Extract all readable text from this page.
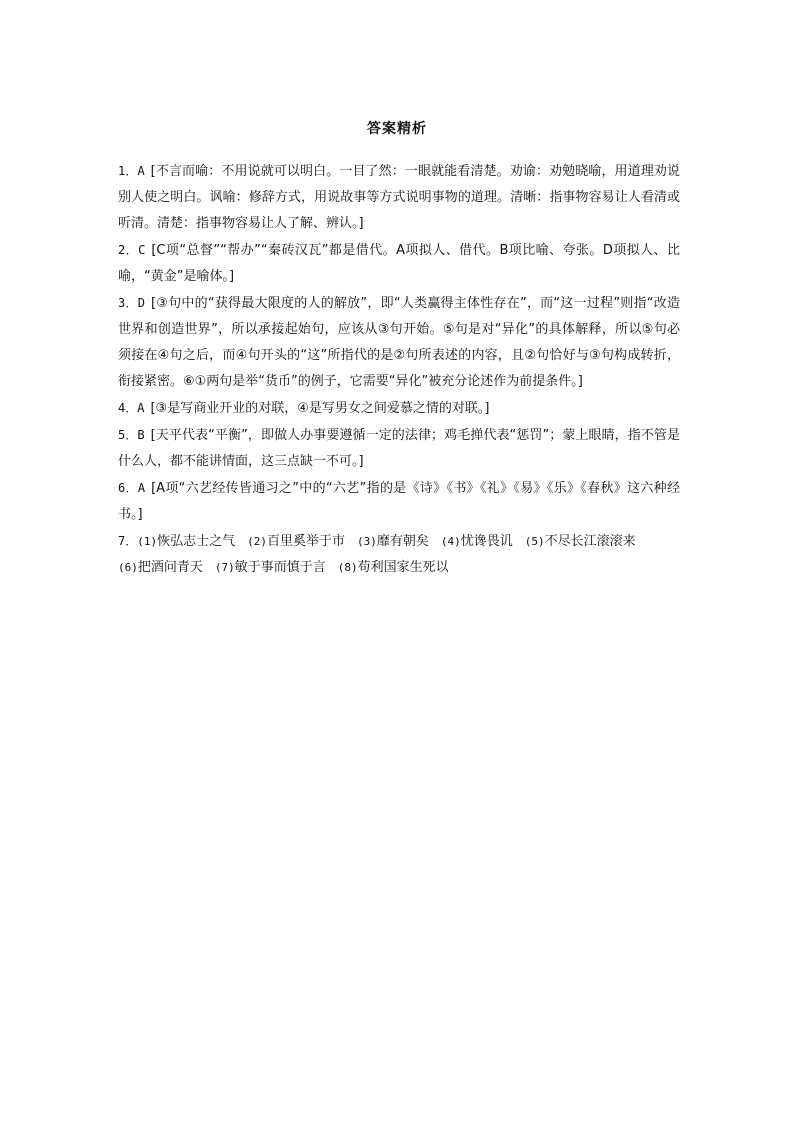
答案精析

1．A [不言而喻：不用说就可以明白。一目了然：一眼就能看清楚。劝谕：劝勉晓喻，用道理劝说别人使之明白。讽喻：修辞方式，用说故事等方式说明事物的道理。清晰：指事物容易让人看清或听清。清楚：指事物容易让人了解、辨认。]

2．C [C项“总督”“帮办”“秦砖汉瓦”都是借代。A项拟人、借代。B项比喻、夸张。D项拟人、比喻，“黄金”是喻体。]

3．D [③句中的“获得最大限度的人的解放”，即“人类赢得主体性存在”，而“这一过程”则指“改造世界和创造世界”，所以承接起始句，应该从③句开始。⑤句是对“异化”的具体解释，所以⑤句必须接在④句之后，而④句开头的“这”所指代的是②句所表述的内容，且②句恰好与③句构成转折，衔接紧密。⑥①两句是举“货币”的例子，它需要“异化”被充分论述作为前提条件。]

4．A [③是写商业开业的对联，④是写男女之间爱慕之情的对联。]

5．B [天平代表“平衡”，即做人办事要遵循一定的法律；鸡毛掸代表“惩罚”；蒙上眼睛，指不管是什么人，都不能讲情面，这三点缺一不可。]

6．A [A项“六艺经传皆通习之”中的“六艺”指的是《诗》《书》《礼》《易》《乐》《春秋》这六种经书。]

7．(1)恢弘志士之气 (2)百里奚举于市 (3)靡有朝矣 (4)忧谗畏讥 (5)不尽长江滚滚来

(6)把酒问青天 (7)敏于事而慎于言 (8)苟利国家生死以
